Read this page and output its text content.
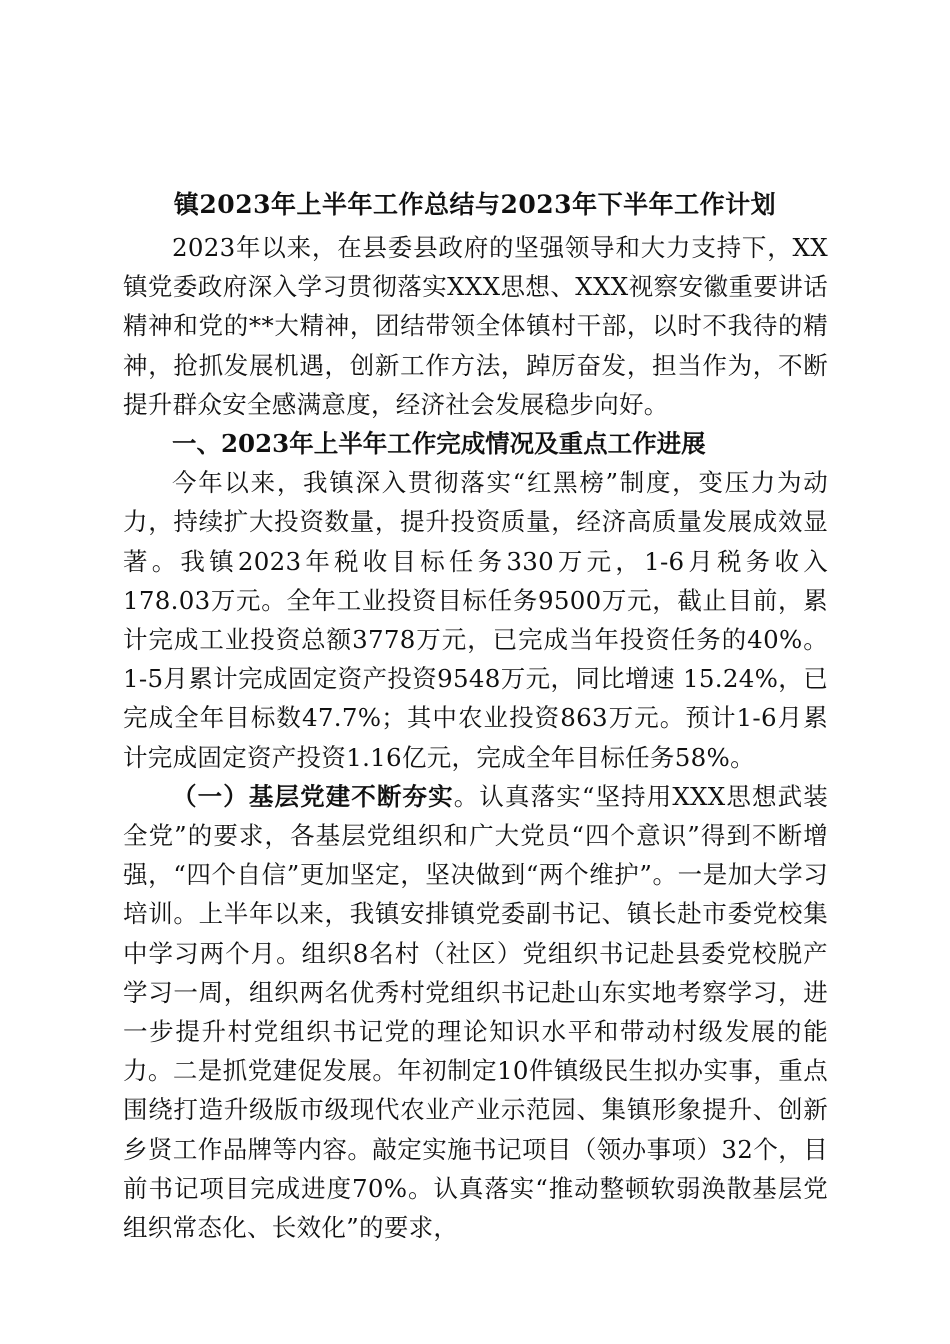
镇2023年上半年工作总结与2023年下半年工作计划

2023年以来，在县委县政府的坚强领导和大力支持下，XX镇党委政府深入学习贯彻落实XXX思想、XXX视察安徽重要讲话精神和党的**大精神，团结带领全体镇村干部，以时不我待的精神，抢抓发展机遇，创新工作方法，踔厉奋发，担当作为，不断提升群众安全感满意度，经济社会发展稳步向好。

一、2023年上半年工作完成情况及重点工作进展

今年以来，我镇深入贯彻落实“红黑榜”制度，变压力为动力，持续扩大投资数量，提升投资质量，经济高质量发展成效显著。我镇2023年税收目标任务330万元，1-6月税务收入178.03万元。全年工业投资目标任务9500万元，截止目前，累计完成工业投资总额3778万元，已完成当年投资任务的40%。1-5月累计完成固定资产投资9548万元，同比增速 15.24%，已完成全年目标数47.7%；其中农业投资863万元。预计1-6月累计完成固定资产投资1.16亿元，完成全年目标任务58%。

（一）基层党建不断夯实。认真落实“坚持用XXX思想武装全党”的要求，各基层党组织和广大党员“四个意识”得到不断增强，“四个自信”更加坚定，坚决做到“两个维护”。一是加大学习培训。上半年以来，我镇安排镇党委副书记、镇长赴市委党校集中学习两个月。组织8名村（社区）党组织书记赴县委党校脱产学习一周，组织两名优秀村党组织书记赴山东实地考察学习，进一步提升村党组织书记党的理论知识水平和带动村级发展的能力。二是抓党建促发展。年初制定10件镇级民生拟办实事，重点围绕打造升级版市级现代农业产业示范园、集镇形象提升、创新乡贤工作品牌等内容。敲定实施书记项目（领办事项）32个，目前书记项目完成进度70%。认真落实“推动整顿软弱涣散基层党组织常态化、长效化”的要求，
